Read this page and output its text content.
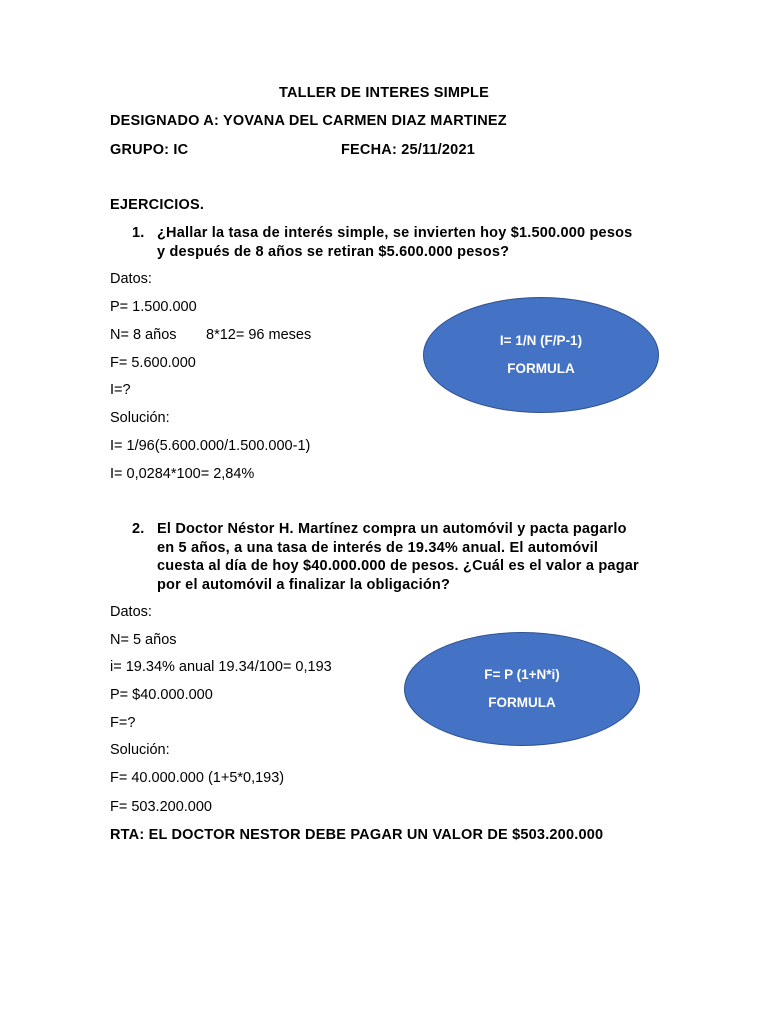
TALLER DE INTERES SIMPLE
DESIGNADO A: YOVANA DEL CARMEN DIAZ MARTINEZ
GRUPO: IC	FECHA: 25/11/2021
EJERCICIOS.
1. ¿Hallar la tasa de interés simple, se invierten hoy $1.500.000 pesos
y después de 8 años se retiran $5.600.000 pesos?
Datos:
P= 1.500.000
N= 8 años 8*12= 96 meses
F= 5.600.000
I=?
Solución:
I= 1/96(5.600.000/1.500.000-1)
I= 0,0284*100= 2,84%
I= 1/N (F/P-1)
FORMULA
2. El Doctor Néstor H. Martínez compra un automóvil y pacta pagarlo
en 5 años, a una tasa de interés de 19.34% anual. El automóvil
cuesta al día de hoy $40.000.000 de pesos. ¿Cuál es el valor a pagar
por el automóvil a finalizar la obligación?
Datos:
N= 5 años
i= 19.34% anual 19.34/100= 0,193
P= $40.000.000
F=?
Solución:
F= 40.000.000 (1+5*0,193)
F= 503.200.000
RTA: EL DOCTOR NESTOR DEBE PAGAR UN VALOR DE $503.200.000
F= P (1+N*i)
FORMULA
